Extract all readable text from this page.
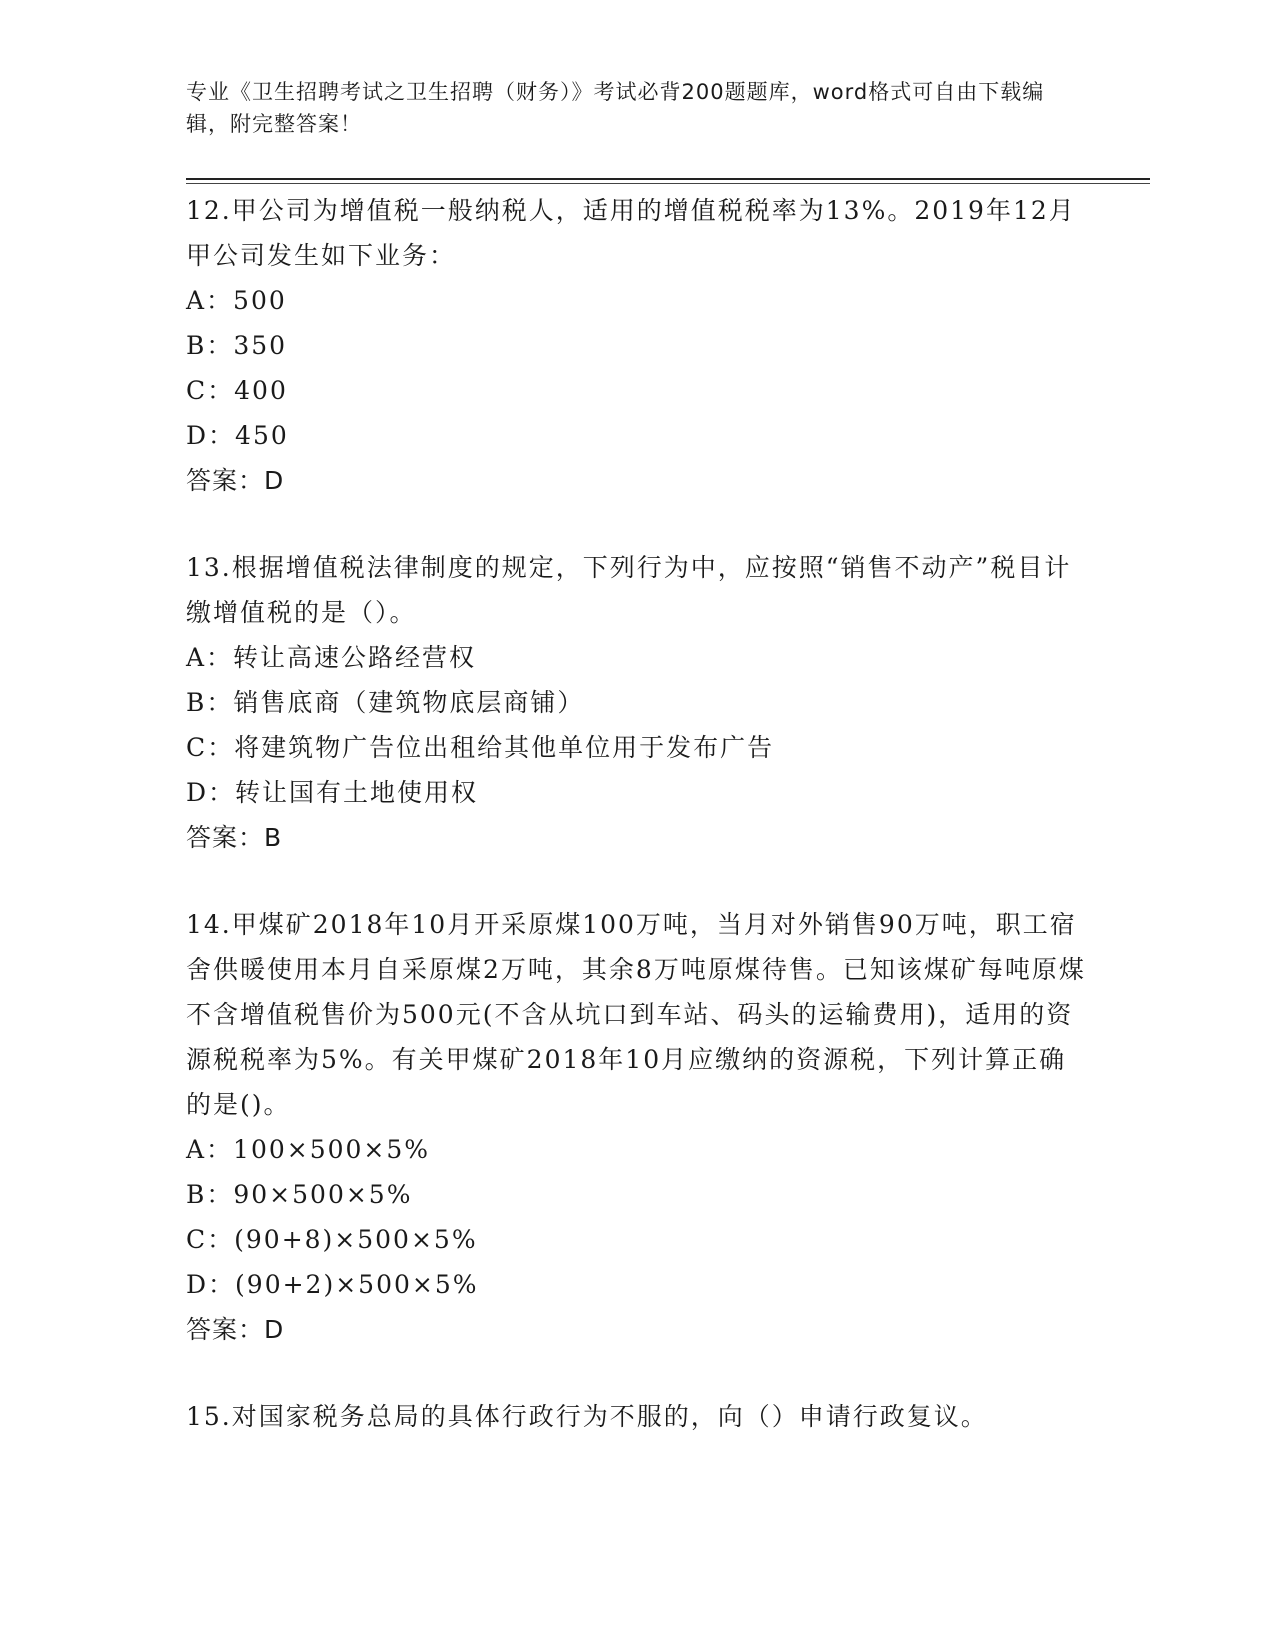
专业《卫生招聘考试之卫生招聘（财务）》考试必背200题题库，word格式可自由下载编辑，附完整答案！

12.甲公司为增值税一般纳税人，适用的增值税税率为13%。2019年12月甲公司发生如下业务：

A：500

B：350

C：400

D：450

答案：D

13.根据增值税法律制度的规定，下列行为中，应按照“销售不动产”税目计缴增值税的是（）。

A：转让高速公路经营权

B：销售底商（建筑物底层商铺）

C：将建筑物广告位出租给其他单位用于发布广告

D：转让国有土地使用权

答案：B

14.甲煤矿2018年10月开采原煤100万吨，当月对外销售90万吨，职工宿舍供暖使用本月自采原煤2万吨，其余8万吨原煤待售。已知该煤矿每吨原煤不含增值税售价为500元(不含从坑口到车站、码头的运输费用)，适用的资源税税率为5%。有关甲煤矿2018年10月应缴纳的资源税，下列计算正确的是()。

A：100×500×5%

B：90×500×5%

C：(90+8)×500×5%

D：(90+2)×500×5%

答案：D

15.对国家税务总局的具体行政行为不服的，向（）申请行政复议。
